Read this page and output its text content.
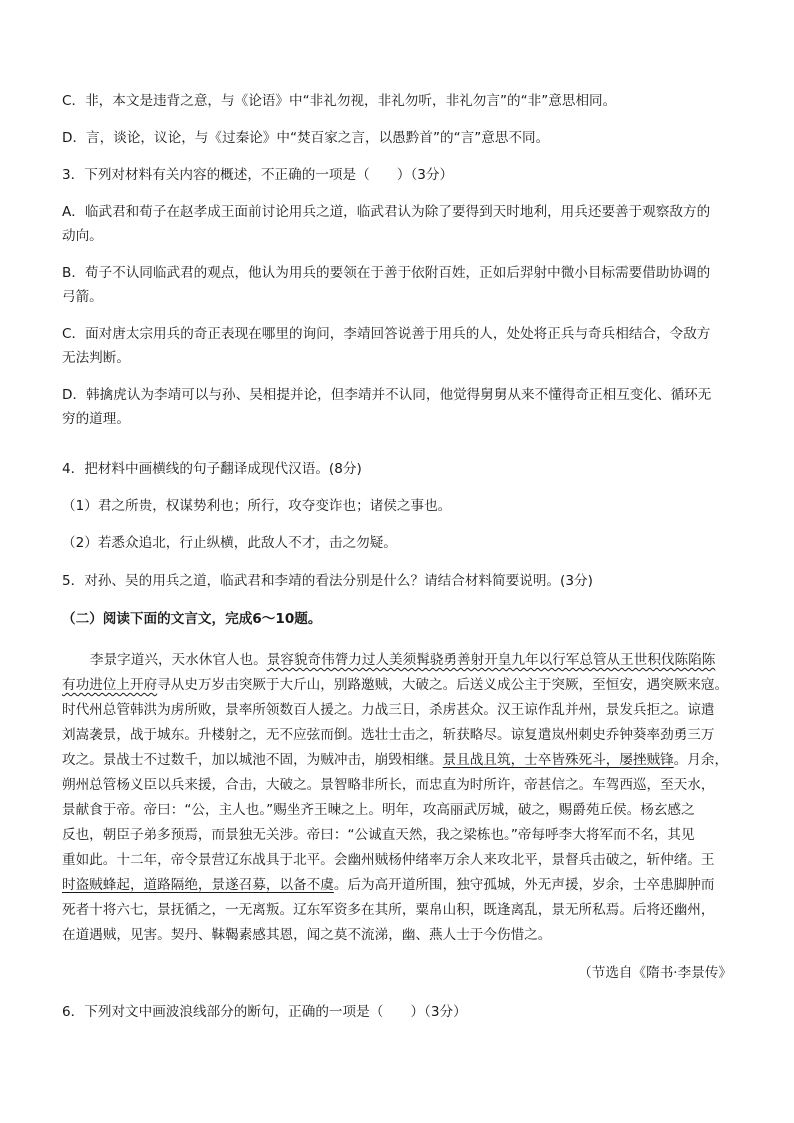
C．非，本文是违背之意，与《论语》中“非礼勿视，非礼勿听，非礼勿言”的“非”意思相同。
D．言，谈论，议论，与《过秦论》中“焚百家之言，以愚黔首”的“言”意思不同。
3．下列对材料有关内容的概述，不正确的一项是（　　）（3分）
A．临武君和荀子在赵孝成王面前讨论用兵之道，临武君认为除了要得到天时地利，用兵还要善于观察敌方的
动向。
B．荀子不认同临武君的观点，他认为用兵的要领在于善于依附百姓，正如后羿射中微小目标需要借助协调的
弓箭。
C．面对唐太宗用兵的奇正表现在哪里的询问，李靖回答说善于用兵的人，处处将正兵与奇兵相结合，令敌方
无法判断。
D．韩擒虎认为李靖可以与孙、吴相提并论，但李靖并不认同，他觉得舅舅从来不懂得奇正相互变化、循环无
穷的道理。
4．把材料中画横线的句子翻译成现代汉语。(8分)
（1）君之所贵，权谋势利也；所行，攻夺变诈也；诸侯之事也。
（2）若悉众追北，行止纵横，此敌人不才，击之勿疑。
5．对孙、吴的用兵之道，临武君和李靖的看法分别是什么？请结合材料简要说明。(3分)
（二）阅读下面的文言文，完成6～10题。
李景字道兴，天水休官人也。景容貌奇伟膂力过人美须髯骁勇善射开皇九年以行军总管从王世积伐陈陷陈
有功进位上开府寻从史万岁击突厥于大斤山，别路邀贼，大破之。后送义成公主于突厥，至恒安，遇突厥来寇。
时代州总管韩洪为虏所败，景率所领数百人援之。力战三日，杀虏甚众。汉王谅作乱并州，景发兵拒之。谅遣
刘嵩袭景，战于城东。升楼射之，无不应弦而倒。选壮士击之，斩获略尽。谅复遣岚州刺史乔钟葵率劲勇三万
攻之。景战士不过数千，加以城池不固，为贼冲击，崩毁相继。景且战且筑，士卒皆殊死斗，屡挫贼锋。月余，
朔州总管杨义臣以兵来援，合击，大破之。景智略非所长，而忠直为时所许，帝甚信之。车驾西巡，至天水，
景献食于帝。帝曰：“公，主人也。”赐坐齐王暕之上。明年，攻高丽武厉城，破之，赐爵苑丘侯。杨玄感之
反也，朝臣子弟多预焉，而景独无关涉。帝曰：“公诚直天然，我之梁栋也。”帝每呼李大将军而不名，其见
重如此。十二年，帝令景营辽东战具于北平。会幽州贼杨仲绪率万余人来攻北平，景督兵击破之，斩仲绪。王
时盗贼蜂起，道路隔绝，景遂召募，以备不虞。后为高开道所围，独守孤城，外无声援，岁余，士卒患脚肿而
死者十将六七，景抚循之，一无离叛。辽东军资多在其所，粟帛山积，既逢离乱，景无所私焉。后将还幽州，
在道遇贼，见害。契丹、靺鞨素感其恩，闻之莫不流涕，幽、燕人士于今伤惜之。
（节选自《隋书·李景传》
6．下列对文中画波浪线部分的断句，正确的一项是（　　）（3分）
